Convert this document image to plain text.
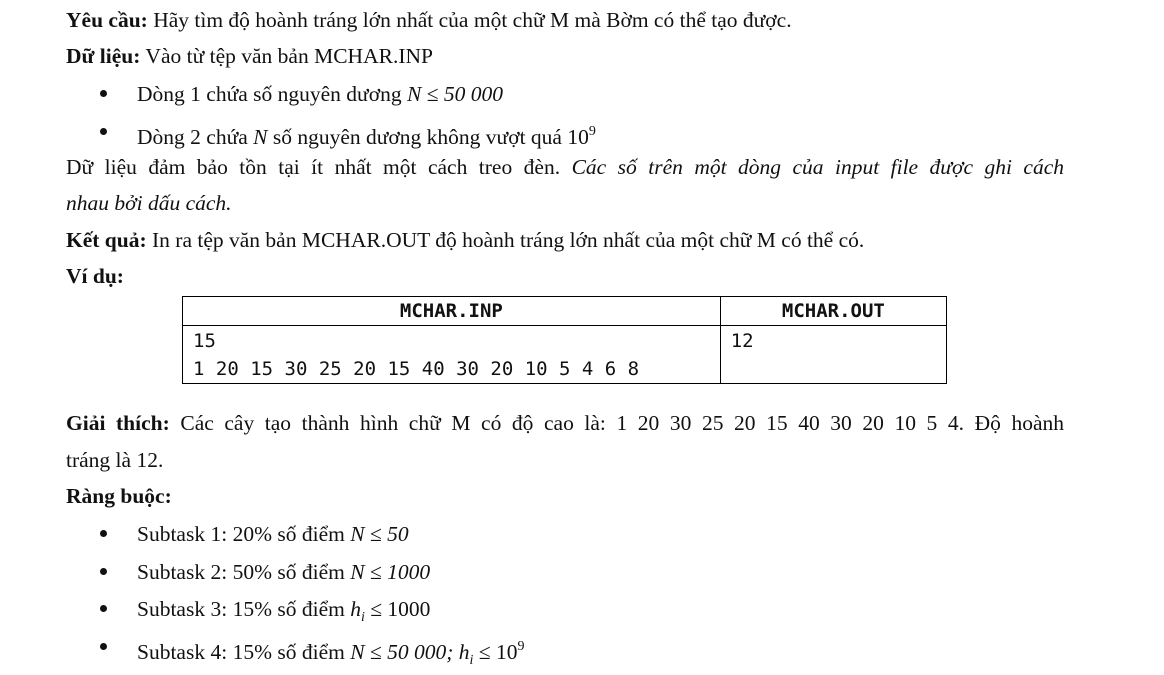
Yêu cầu: Hãy tìm độ hoành tráng lớn nhất của một chữ M mà Bờm có thể tạo được.
Dữ liệu: Vào từ tệp văn bản MCHAR.INP
Dòng 1 chứa số nguyên dương N ≤ 50 000
Dòng 2 chứa N số nguyên dương không vượt quá $10^9$
Dữ liệu đảm bảo tồn tại ít nhất một cách treo đèn. Các số trên một dòng của input file được ghi cách
nhau bởi dấu cách.
Kết quả: In ra tệp văn bản MCHAR.OUT độ hoành tráng lớn nhất của một chữ M có thể có.
Ví dụ:
MCHAR.INP	MCHAR.OUT

15
1 20 15 30 25 20 15 40 30 20 10 5 4 6 8	12
Giải thích: Các cây tạo thành hình chữ M có độ cao là: 1 20 30 25 20 15 40 30 20 10 5 4. Độ hoành
tráng là 12.
Ràng buộc:
Subtask 1: 20% số điểm N ≤ 50
Subtask 2: 50% số điểm N ≤ 1000
Subtask 3: 15% số điểm $h_i \le 1000$
Subtask 4: 15% số điểm N ≤ 50 000; $h_i \le 10^9$
